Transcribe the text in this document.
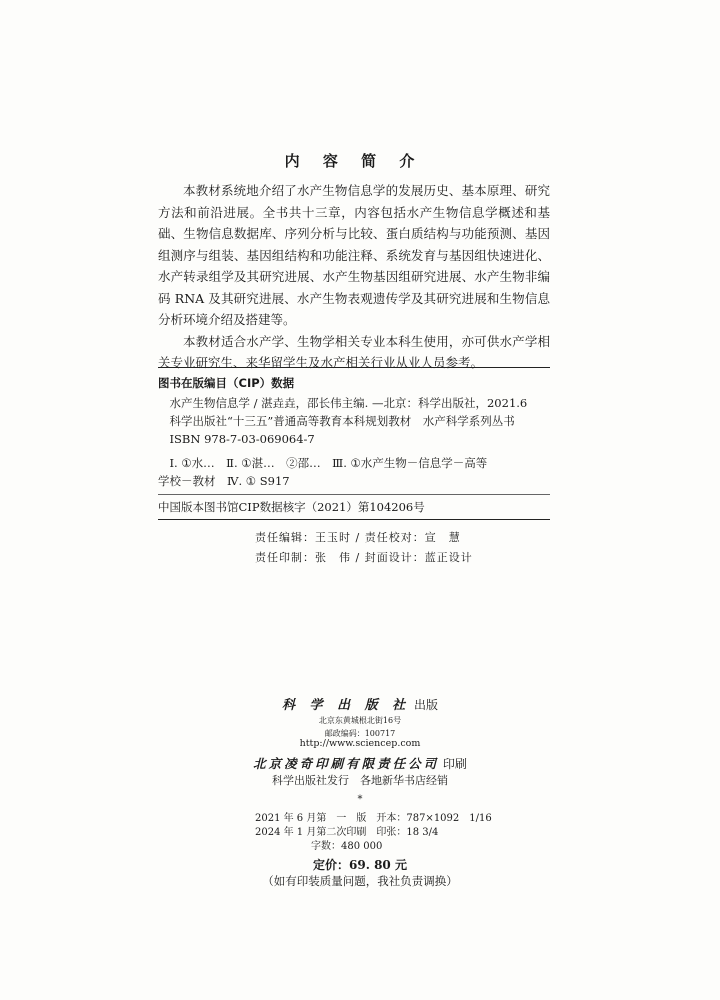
内 容 简 介

本教材系统地介绍了水产生物信息学的发展历史、基本原理、研究方法和前沿进展。全书共十三章，内容包括水产生物信息学概述和基础、生物信息数据库、序列分析与比较、蛋白质结构与功能预测、基因组测序与组装、基因组结构和功能注释、系统发育与基因组快速进化、水产转录组学及其研究进展、水产生物基因组研究进展、水产生物非编码 RNA 及其研究进展、水产生物表观遗传学及其研究进展和生物信息分析环境介绍及搭建等。

本教材适合水产学、生物学相关专业本科生使用，亦可供水产学相关专业研究生、来华留学生及水产相关行业从业人员参考。

图书在版编目（CIP）数据

水产生物信息学 / 湛垚垚，邵长伟主编. —北京：科学出版社，2021.6

科学出版社“十三五”普通高等教育本科规划教材　水产科学系列丛书

ISBN 978-7-03-069064-7

Ⅰ. ①水…　Ⅱ. ①湛…　②邵…　Ⅲ. ①水产生物－信息学－高等

学校－教材　Ⅳ. ① S917

中国版本图书馆CIP数据核字（2021）第104206号

责任编辑：王玉时 / 责任校对：宣　慧
责任印制：张　伟 / 封面设计：蓝正设计
科 学 出 版 社 出版
北京东黄城根北街16号
邮政编码：100717
http://www.sciencep.com
北京凌奇印刷有限责任公司 印刷
科学出版社发行　各地新华书店经销
*
2021 年 6 月第　一　版　开本：787×1092　1/16
2024 年 1 月第二次印刷　印张：18 3/4
字数：480 000
定价：69. 80 元
（如有印装质量问题，我社负责调换）
